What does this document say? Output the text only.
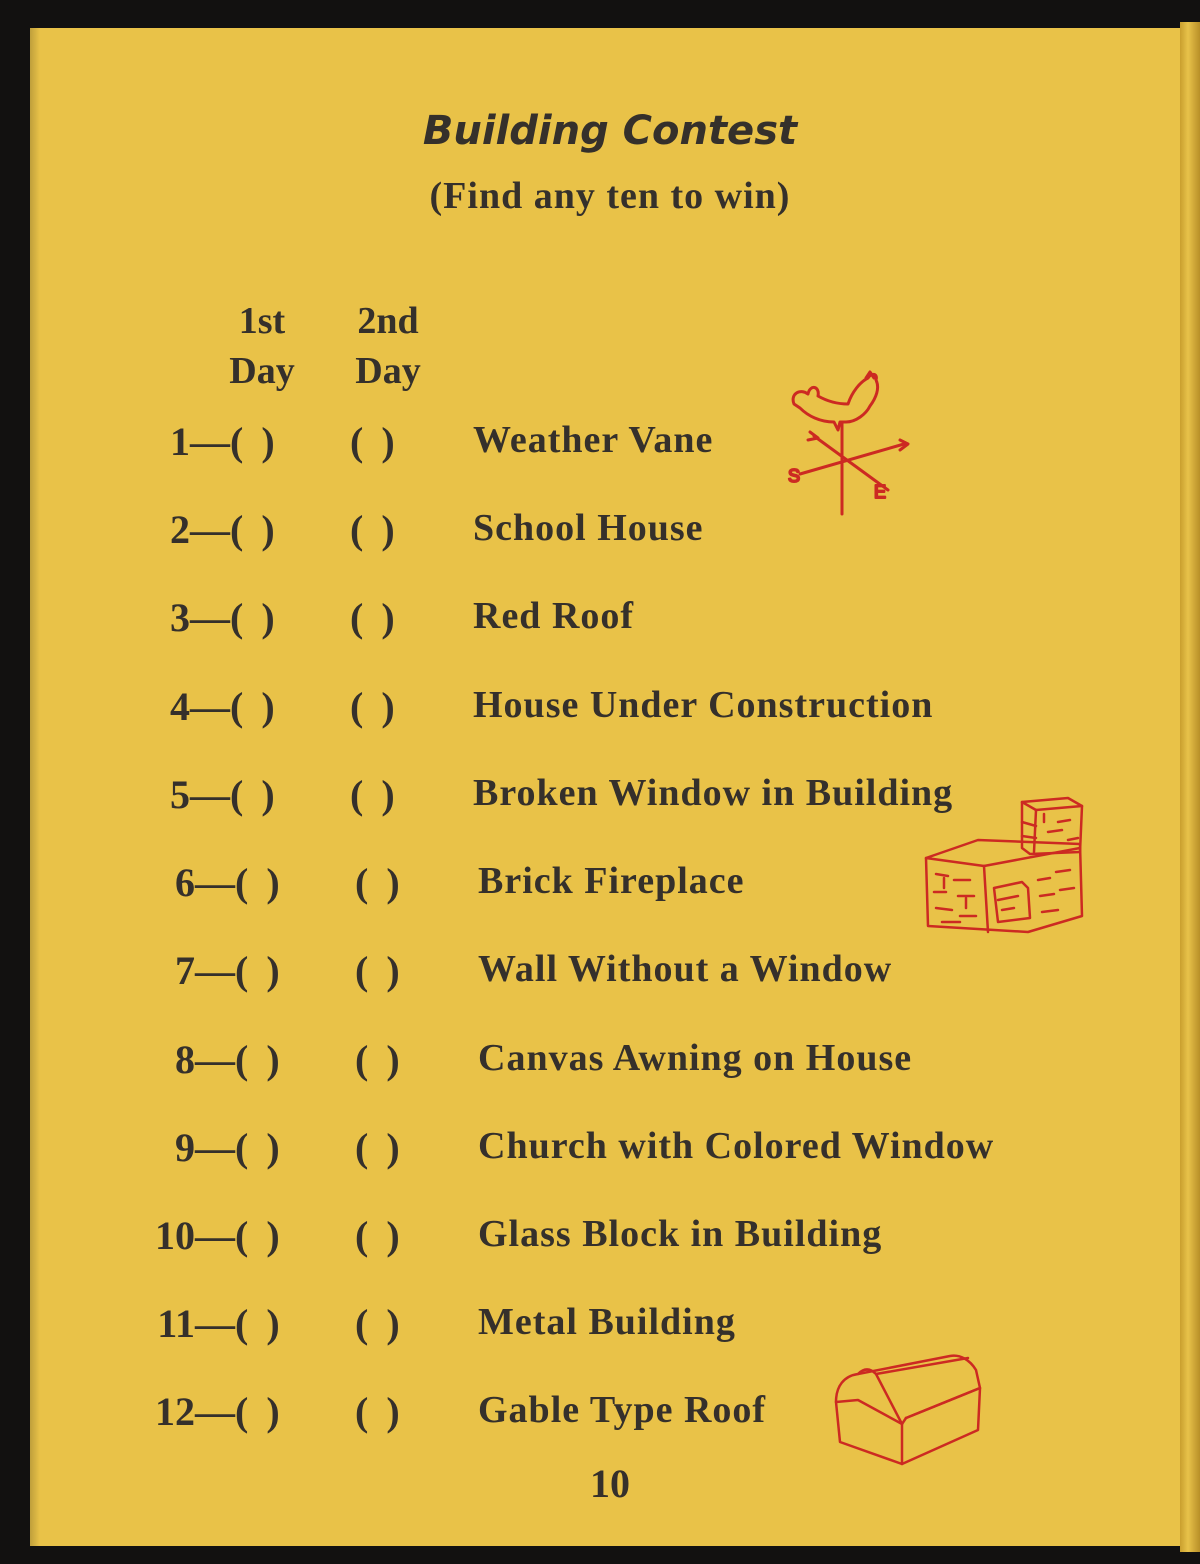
Building Contest
(Find any ten to win)
1st
Day
2nd
Day
1— ( ) ( ) Weather Vane
2— ( ) ( ) School House
3— ( ) ( ) Red Roof
4— ( ) ( ) House Under Construction
5— ( ) ( ) Broken Window in Building
6— ( ) ( ) Brick Fireplace
7— ( ) ( ) Wall Without a Window
8— ( ) ( ) Canvas Awning on House
9— ( ) ( ) Church with Colored Window
10— ( ) ( ) Glass Block in Building
11— ( ) ( ) Metal Building
12— ( ) ( ) Gable Type Roof
10
S
E
